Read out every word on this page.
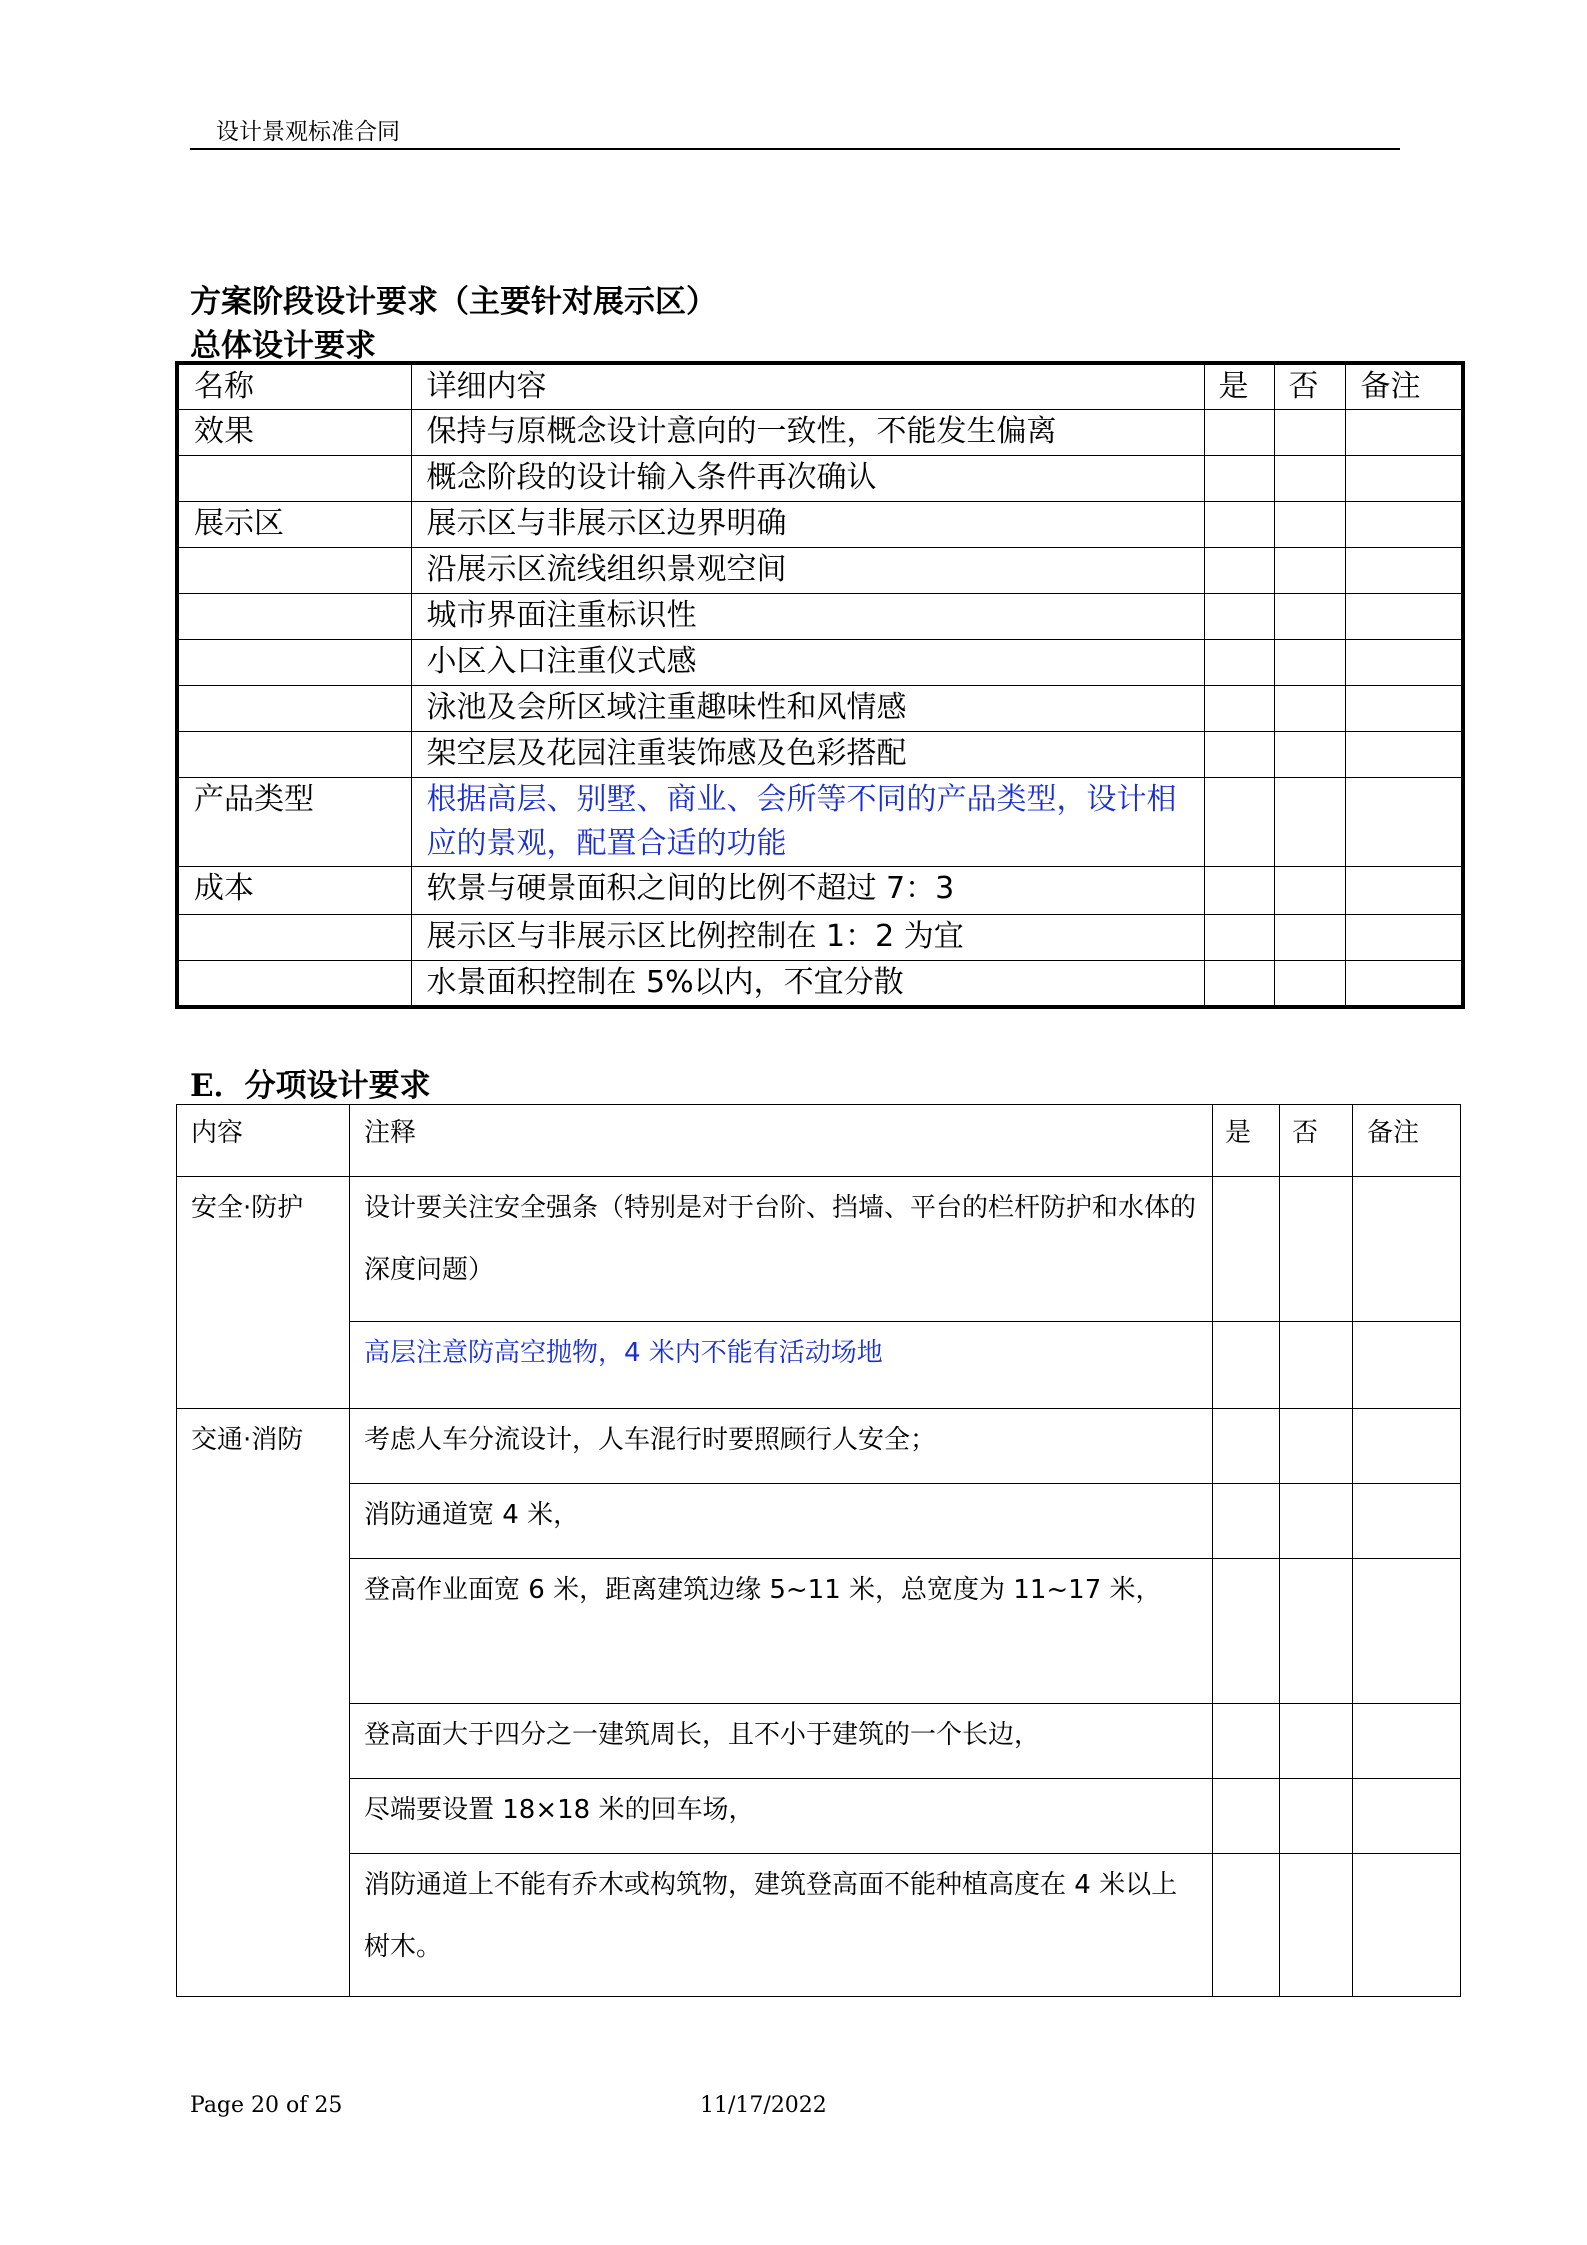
设计景观标准合同
方案阶段设计要求（主要针对展示区）
总体设计要求
名称	详细内容	是	否	备注
效果	保持与原概念设计意向的一致性，不能发生偏离			
	概念阶段的设计输入条件再次确认			
展示区	展示区与非展示区边界明确			
	沿展示区流线组织景观空间			
	城市界面注重标识性			
	小区入口注重仪式感			
	泳池及会所区域注重趣味性和风情感			
	架空层及花园注重装饰感及色彩搭配			
产品类型	根据高层、别墅、商业、会所等不同的产品类型，设计相应的景观，配置合适的功能			
成本	软景与硬景面积之间的比例不超过 7：3			
	展示区与非展示区比例控制在 1：2 为宜			
	水景面积控制在 5%以内，不宜分散			
E．分项设计要求
内容	注释	是	否	备注
安全·防护	设计要关注安全强条（特别是对于台阶、挡墙、平台的栏杆防护和水体的深度问题）			
	高层注意防高空抛物，4 米内不能有活动场地			
交通·消防	考虑人车分流设计，人车混行时要照顾行人安全；			
	消防通道宽 4 米，			
	登高作业面宽 6 米，距离建筑边缘 5~11 米，总宽度为 11~17 米，			
	登高面大于四分之一建筑周长，且不小于建筑的一个长边，			
	尽端要设置 18×18 米的回车场，			
	消防通道上不能有乔木或构筑物，建筑登高面不能种植高度在 4 米以上树木。			
Page 20 of 25	11/17/2022
